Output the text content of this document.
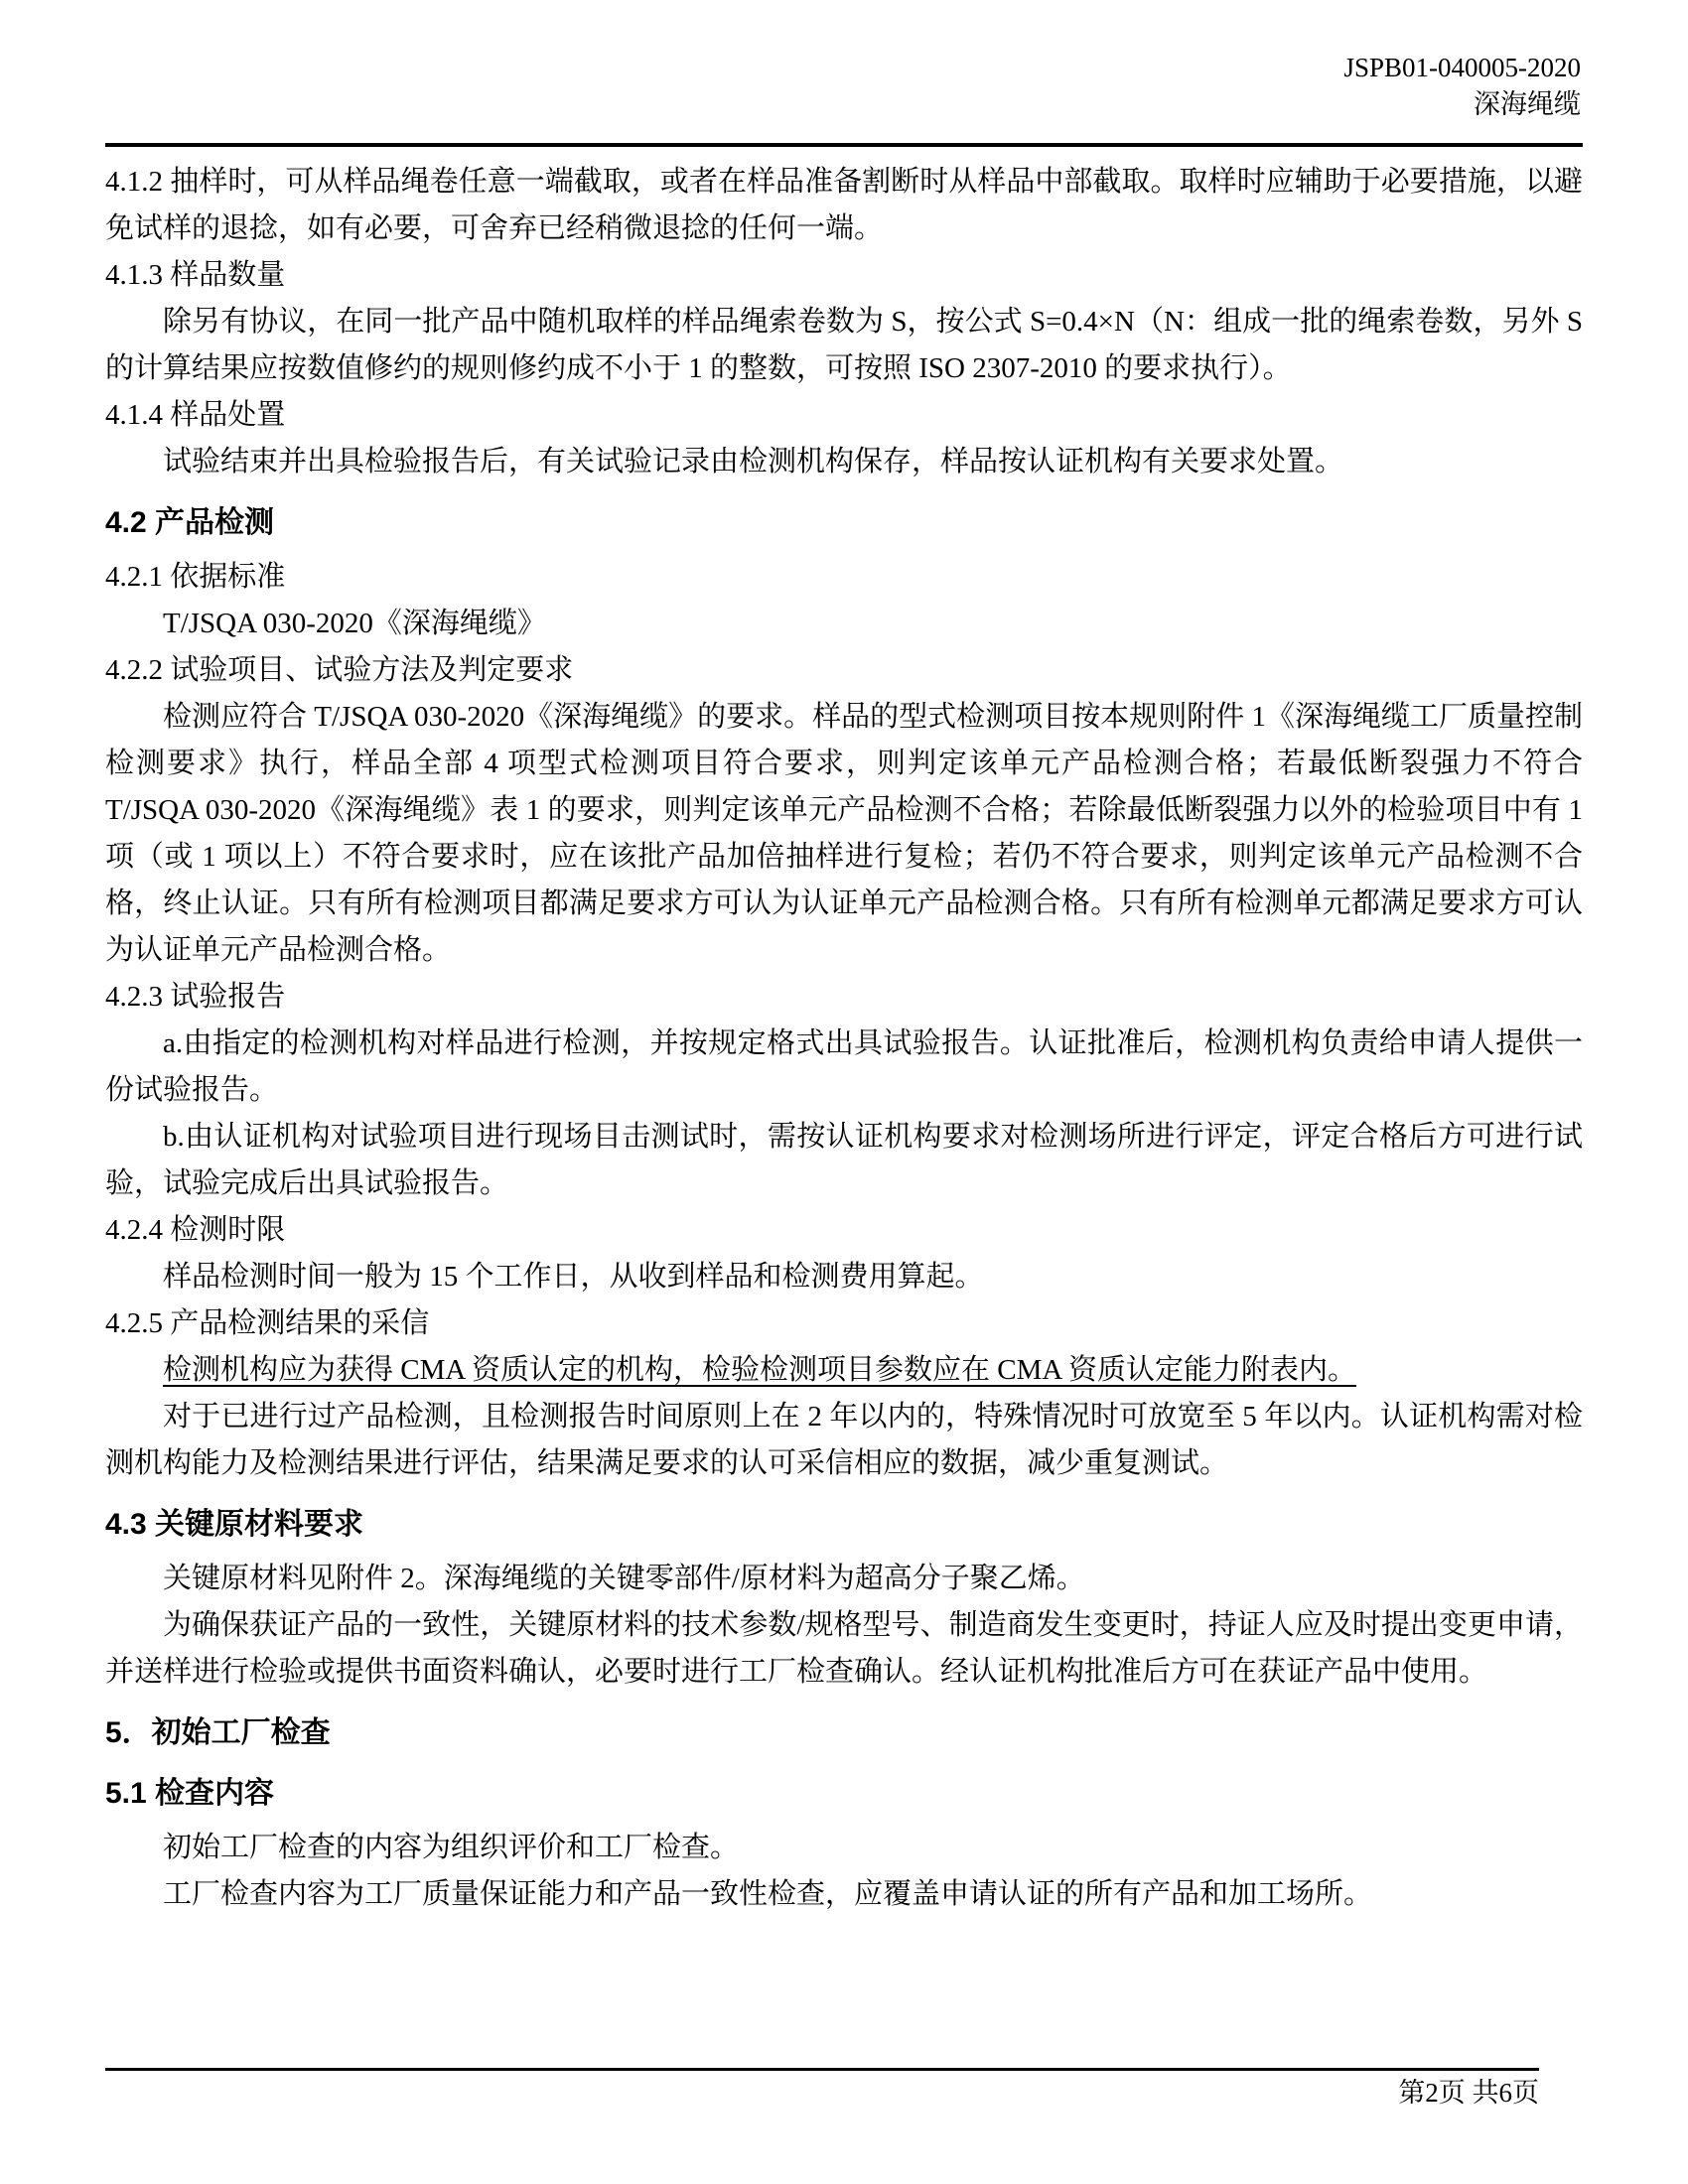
JSPB01-040005-2020
深海绳缆

4.1.2 抽样时，可从样品绳卷任意一端截取，或者在样品准备割断时从样品中部截取。取样时应辅助于必要措施，以避免试样的退捻，如有必要，可舍弃已经稍微退捻的任何一端。

4.1.3 样品数量

除另有协议，在同一批产品中随机取样的样品绳索卷数为 S，按公式 S=0.4×N（N：组成一批的绳索卷数，另外 S 的计算结果应按数值修约的规则修约成不小于 1 的整数，可按照 ISO 2307-2010 的要求执行）。

4.1.4 样品处置

试验结束并出具检验报告后，有关试验记录由检测机构保存，样品按认证机构有关要求处置。

4.2 产品检测

4.2.1 依据标准

T/JSQA 030-2020《深海绳缆》

4.2.2 试验项目、试验方法及判定要求

检测应符合 T/JSQA 030-2020《深海绳缆》的要求。样品的型式检测项目按本规则附件 1《深海绳缆工厂质量控制检测要求》执行，样品全部 4 项型式检测项目符合要求，则判定该单元产品检测合格；若最低断裂强力不符合 T/JSQA 030-2020《深海绳缆》表 1 的要求，则判定该单元产品检测不合格；若除最低断裂强力以外的检验项目中有 1 项（或 1 项以上）不符合要求时，应在该批产品加倍抽样进行复检；若仍不符合要求，则判定该单元产品检测不合格，终止认证。只有所有检测项目都满足要求方可认为认证单元产品检测合格。只有所有检测单元都满足要求方可认为认证单元产品检测合格。

4.2.3 试验报告

a.由指定的检测机构对样品进行检测，并按规定格式出具试验报告。认证批准后，检测机构负责给申请人提供一份试验报告。

b.由认证机构对试验项目进行现场目击测试时，需按认证机构要求对检测场所进行评定，评定合格后方可进行试验，试验完成后出具试验报告。

4.2.4 检测时限

样品检测时间一般为 15 个工作日，从收到样品和检测费用算起。

4.2.5 产品检测结果的采信

检测机构应为获得 CMA 资质认定的机构，检验检测项目参数应在 CMA 资质认定能力附表内。

对于已进行过产品检测，且检测报告时间原则上在 2 年以内的，特殊情况时可放宽至 5 年以内。认证机构需对检测机构能力及检测结果进行评估，结果满足要求的认可采信相应的数据，减少重复测试。

4.3 关键原材料要求

关键原材料见附件 2。深海绳缆的关键零部件/原材料为超高分子聚乙烯。

为确保获证产品的一致性，关键原材料的技术参数/规格型号、制造商发生变更时，持证人应及时提出变更申请，并送样进行检验或提供书面资料确认，必要时进行工厂检查确认。经认证机构批准后方可在获证产品中使用。

5．初始工厂检查

5.1 检查内容

初始工厂检查的内容为组织评价和工厂检查。

工厂检查内容为工厂质量保证能力和产品一致性检查，应覆盖申请认证的所有产品和加工场所。

第2页 共6页
